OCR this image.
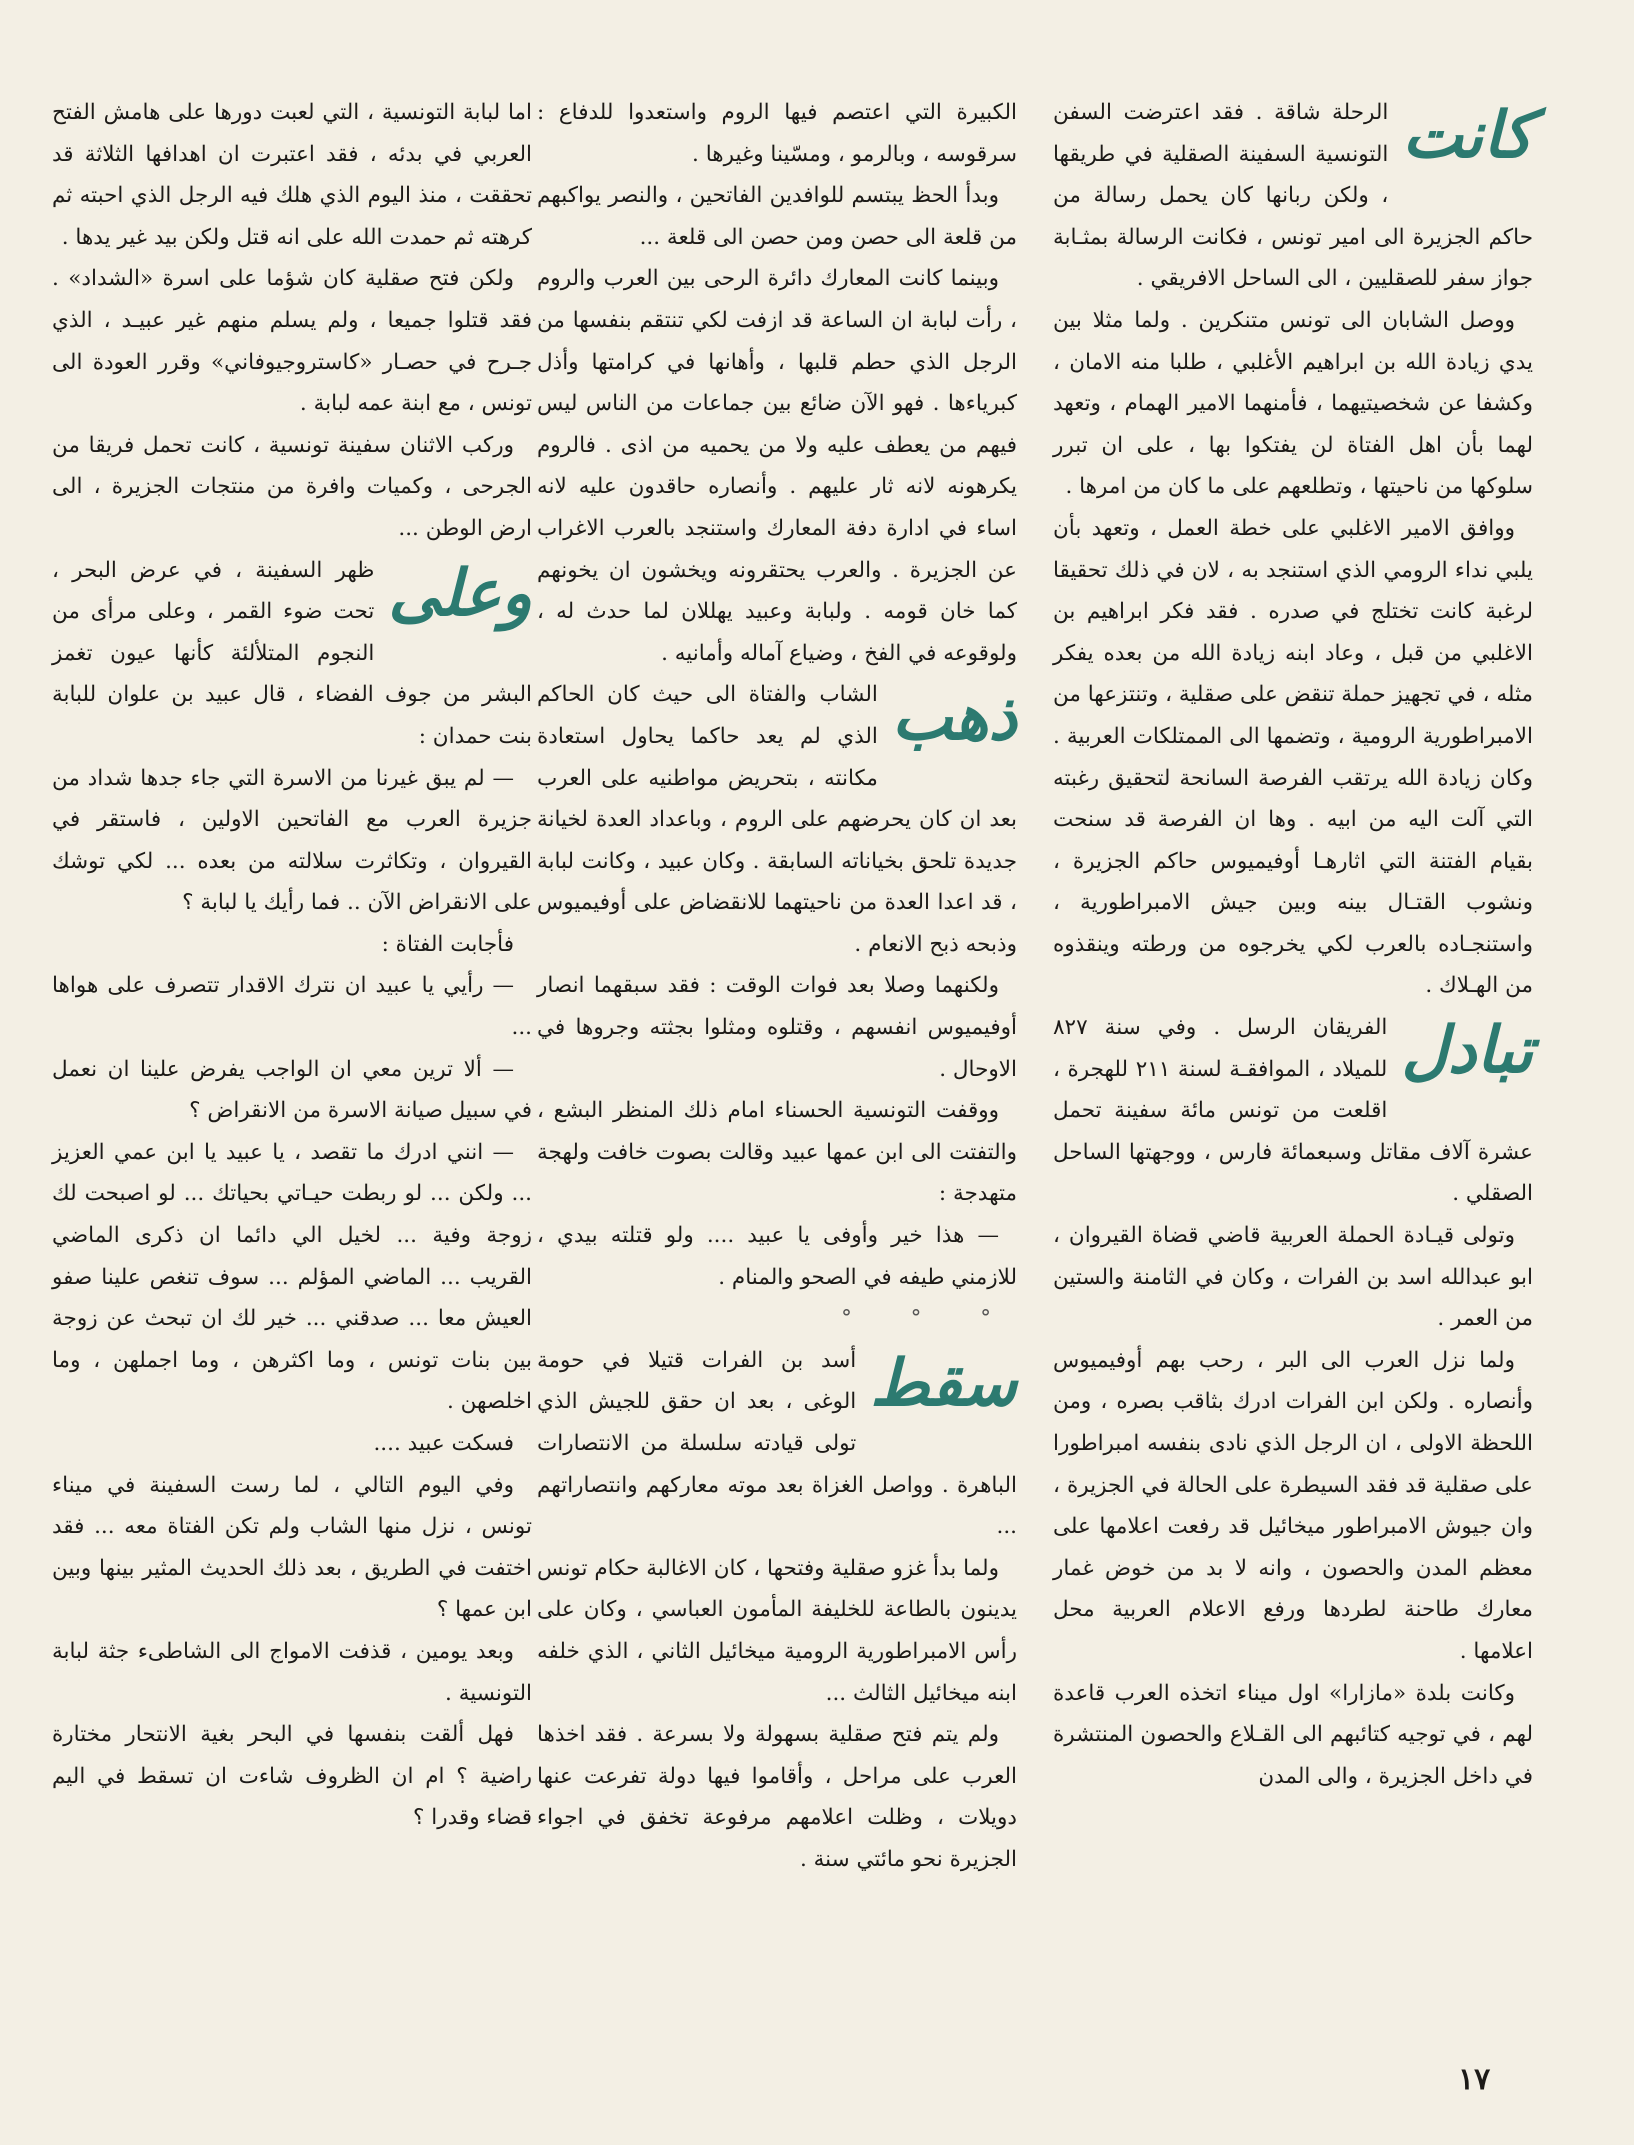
كانت
الرحلة شاقة . فقد اعترضت السفن التونسية السفينة الصقلية في طريقها ، ولكن ربانها كان يحمل رسالة من حاكم الجزيرة الى امير تونس ، فكانت الرسالة بمثـابة جواز سفر للصقليين ، الى الساحل الافريقي .

ووصل الشابان الى تونس متنكرين . ولما مثلا بين يدي زيادة الله بن ابراهيم الأغلبي ، طلبا منه الامان ، وكشفا عن شخصيتيهما ، فأمنهما الامير الهمام ، وتعهد لهما بأن اهل الفتاة لن يفتكوا بها ، على ان تبرر سلوكها من ناحيتها ، وتطلعهم على ما كان من امرها .

ووافق الامير الاغلبي على خطة العمل ، وتعهد بأن يلبي نداء الرومي الذي استنجد به ، لان في ذلك تحقيقا لرغبة كانت تختلج في صدره . فقد فكر ابراهيم بن الاغلبي من قبل ، وعاد ابنه زيادة الله من بعده يفكر مثله ، في تجهيز حملة تنقض على صقلية ، وتنتزعها من الامبراطورية الرومية ، وتضمها الى الممتلكات العربية . وكان زيادة الله يرتقب الفرصة السانحة لتحقيق رغبته التي آلت اليه من ابيه . وها ان الفرصة قد سنحت بقيام الفتنة التي اثارهـا أوفيميوس حاكم الجزيرة ، ونشوب القتـال بينه وبين جيش الامبراطورية ، واستنجـاده بالعرب لكي يخرجوه من ورطته وينقذوه من الهـلاك .

تبادل
الفريقان الرسل . وفي سنة ٨٢٧ للميلاد ، الموافقـة لسنة ٢١١ للهجرة ، اقلعت من تونس مائة سفينة تحمل عشرة آلاف مقاتل وسبعمائة فارس ، ووجهتها الساحل الصقلي .

وتولى قيـادة الحملة العربية قاضي قضاة القيروان ، ابو عبدالله اسد بن الفرات ، وكان في الثامنة والستين من العمر .

ولما نزل العرب الى البر ، رحب بهم أوفيميوس وأنصاره . ولكن ابن الفرات ادرك بثاقب بصره ، ومن اللحظة الاولى ، ان الرجل الذي نادى بنفسه امبراطورا على صقلية قد فقد السيطرة على الحالة في الجزيرة ، وان جيوش الامبراطور ميخائيل قد رفعت اعلامها على معظم المدن والحصون ، وانه لا بد من خوض غمار معارك طاحنة لطردها ورفع الاعلام العربية محل اعلامها .

وكانت بلدة «مازارا» اول ميناء اتخذه العرب قاعدة لهم ، في توجيه كتائبهم الى القـلاع والحصون المنتشرة في داخل الجزيرة ، والى المدن

الكبيرة التي اعتصم فيها الروم واستعدوا للدفاع : سرقوسه ، وبالرمو ، ومسّينا وغيرها .

وبدأ الحظ يبتسم للوافدين الفاتحين ، والنصر يواكبهم من قلعة الى حصن ومن حصن الى قلعة ...

وبينما كانت المعارك دائرة الرحى بين العرب والروم ، رأت لبابة ان الساعة قد ازفت لكي تنتقم بنفسها من الرجل الذي حطم قلبها ، وأهانها في كرامتها وأذل كبرياءها . فهو الآن ضائع بين جماعات من الناس ليس فيهم من يعطف عليه ولا من يحميه من اذى . فالروم يكرهونه لانه ثار عليهم . وأنصاره حاقدون عليه لانه اساء في ادارة دفة المعارك واستنجد بالعرب الاغراب عن الجزيرة . والعرب يحتقرونه ويخشون ان يخونهم كما خان قومه . ولبابة وعبيد يهللان لما حدث له ، ولوقوعه في الفخ ، وضياع آماله وأمانيه .

ذهب
الشاب والفتاة الى حيث كان الحاكم الذي لم يعد حاكما يحاول استعادة مكانته ، بتحريض مواطنيه على العرب بعد ان كان يحرضهم على الروم ، وباعداد العدة لخيانة جديدة تلحق بخياناته السابقة . وكان عبيد ، وكانت لبابة ، قد اعدا العدة من ناحيتهما للانقضاض على أوفيميوس وذبحه ذبح الانعام .

ولكنهما وصلا بعد فوات الوقت : فقد سبقهما انصار أوفيميوس انفسهم ، وقتلوه ومثلوا بجثته وجروها في الاوحال .

ووقفت التونسية الحسناء امام ذلك المنظر البشع ، والتفتت الى ابن عمها عبيد وقالت بصوت خافت ولهجة متهدجة :

— هذا خير وأوفى يا عبيد .... ولو قتلته بيدي ، للازمني طيفه في الصحو والمنام .

° ° °

سقط
أسد بن الفرات قتيلا في حومة الوغى ، بعد ان حقق للجيش الذي تولى قيادته سلسلة من الانتصارات الباهرة . وواصل الغزاة بعد موته معاركهم وانتصاراتهم ...

ولما بدأ غزو صقلية وفتحها ، كان الاغالبة حكام تونس يدينون بالطاعة للخليفة المأمون العباسي ، وكان على رأس الامبراطورية الرومية ميخائيل الثاني ، الذي خلفه ابنه ميخائيل الثالث ...

ولم يتم فتح صقلية بسهولة ولا بسرعة . فقد اخذها العرب على مراحل ، وأقاموا فيها دولة تفرعت عنها دويلات ، وظلت اعلامهم مرفوعة تخفق في اجواء الجزيرة نحو مائتي سنة .

اما لبابة التونسية ، التي لعبت دورها على هامش الفتح العربي في بدئه ، فقد اعتبرت ان اهدافها الثلاثة قد تحققت ، منذ اليوم الذي هلك فيه الرجل الذي احبته ثم كرهته ثم حمدت الله على انه قتل ولكن بيد غير يدها .

ولكن فتح صقلية كان شؤما على اسرة «الشداد» . فقد قتلوا جميعا ، ولم يسلم منهم غير عبيـد ، الذي جـرح في حصـار «كاستروجيوفاني» وقرر العودة الى تونس ، مع ابنة عمه لبابة .

وركب الاثنان سفينة تونسية ، كانت تحمل فريقا من الجرحى ، وكميات وافرة من منتجات الجزيرة ، الى ارض الوطن ...

وعلى
ظهر السفينة ، في عرض البحر ، تحت ضوء القمر ، وعلى مرأى من النجوم المتلألئة كأنها عيون تغمز البشر من جوف الفضاء ، قال عبيد بن علوان للبابة بنت حمدان :

— لم يبق غيرنا من الاسرة التي جاء جدها شداد من جزيرة العرب مع الفاتحين الاولين ، فاستقر في القيروان ، وتكاثرت سلالته من بعده ... لكي توشك على الانقراض الآن .. فما رأيك يا لبابة ؟

فأجابت الفتاة :

— رأيي يا عبيد ان نترك الاقدار تتصرف على هواها ...

— ألا ترين معي ان الواجب يفرض علينا ان نعمل في سبيل صيانة الاسرة من الانقراض ؟

— انني ادرك ما تقصد ، يا عبيد يا ابن عمي العزيز ... ولكن ... لو ربطت حيـاتي بحياتك ... لو اصبحت لك زوجة وفية ... لخيل الي دائما ان ذكرى الماضي القريب ... الماضي المؤلم ... سوف تنغص علينا صفو العيش معا ... صدقني ... خير لك ان تبحث عن زوجة بين بنات تونس ، وما اكثرهن ، وما اجملهن ، وما اخلصهن .

فسكت عبيد ....

وفي اليوم التالي ، لما رست السفينة في ميناء تونس ، نزل منها الشاب ولم تكن الفتاة معه ... فقد اختفت في الطريق ، بعد ذلك الحديث المثير بينها وبين ابن عمها ؟

وبعد يومين ، قذفت الامواج الى الشاطىء جثة لبابة التونسية .

فهل ألقت بنفسها في البحر بغية الانتحار مختارة راضية ؟ ام ان الظروف شاءت ان تسقط في اليم قضاء وقدرا ؟

١٧
